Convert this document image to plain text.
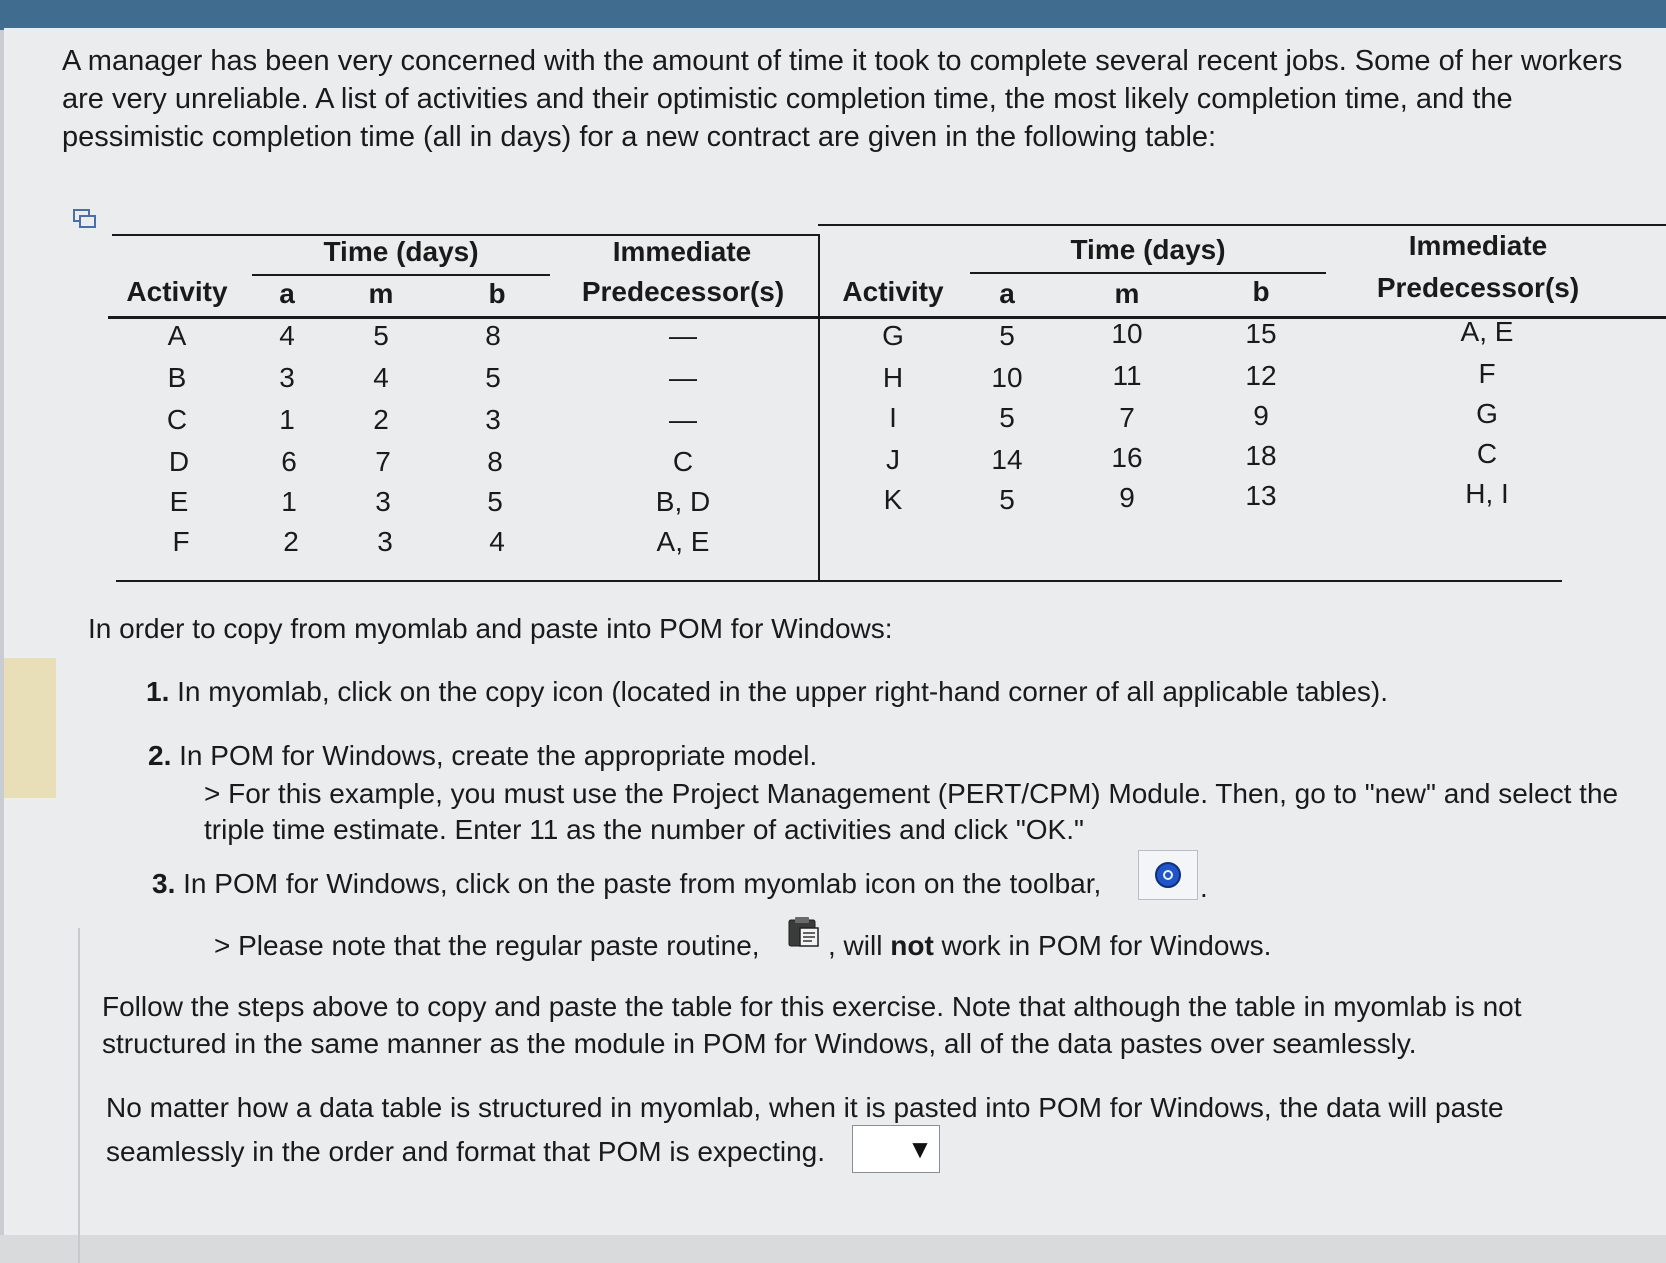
A manager has been very concerned with the amount of time it took to complete several recent jobs. Some of her workers are very unreliable. A list of activities and their optimistic completion time, the most likely completion time, and the pessimistic completion time (all in days) for a new contract are given in the following table:

Time (days)	Immediate
Activity	a	m	b	Predecessor(s)
Time (days)	Immediate
Activity	a	m	b	Predecessor(s)
A	4	5	8	—
B	3	4	5	—
C	1	2	3	—
D	6	7	8	C
E	1	3	5	B, D
F	2	3	4	A, E
G	5	10	15	A, E
H	10	11	12	F
I	5	7	9	G
J	14	16	18	C
K	5	9	13	H, I

In order to copy from myomlab and paste into POM for Windows:

1. In myomlab, click on the copy icon (located in the upper right-hand corner of all applicable tables).

2. In POM for Windows, create the appropriate model.

> For this example, you must use the Project Management (PERT/CPM) Module. Then, go to "new" and select the triple time estimate. Enter 11 as the number of activities and click "OK."

3. In POM for Windows, click on the paste from myomlab icon on the toolbar,	.

> Please note that the regular paste routine, , will not work in POM for Windows.

Follow the steps above to copy and paste the table for this exercise. Note that although the table in myomlab is not structured in the same manner as the module in POM for Windows, all of the data pastes over seamlessly.

No matter how a data table is structured in myomlab, when it is pasted into POM for Windows, the data will paste seamlessly in the order and format that POM is expecting.	▼
